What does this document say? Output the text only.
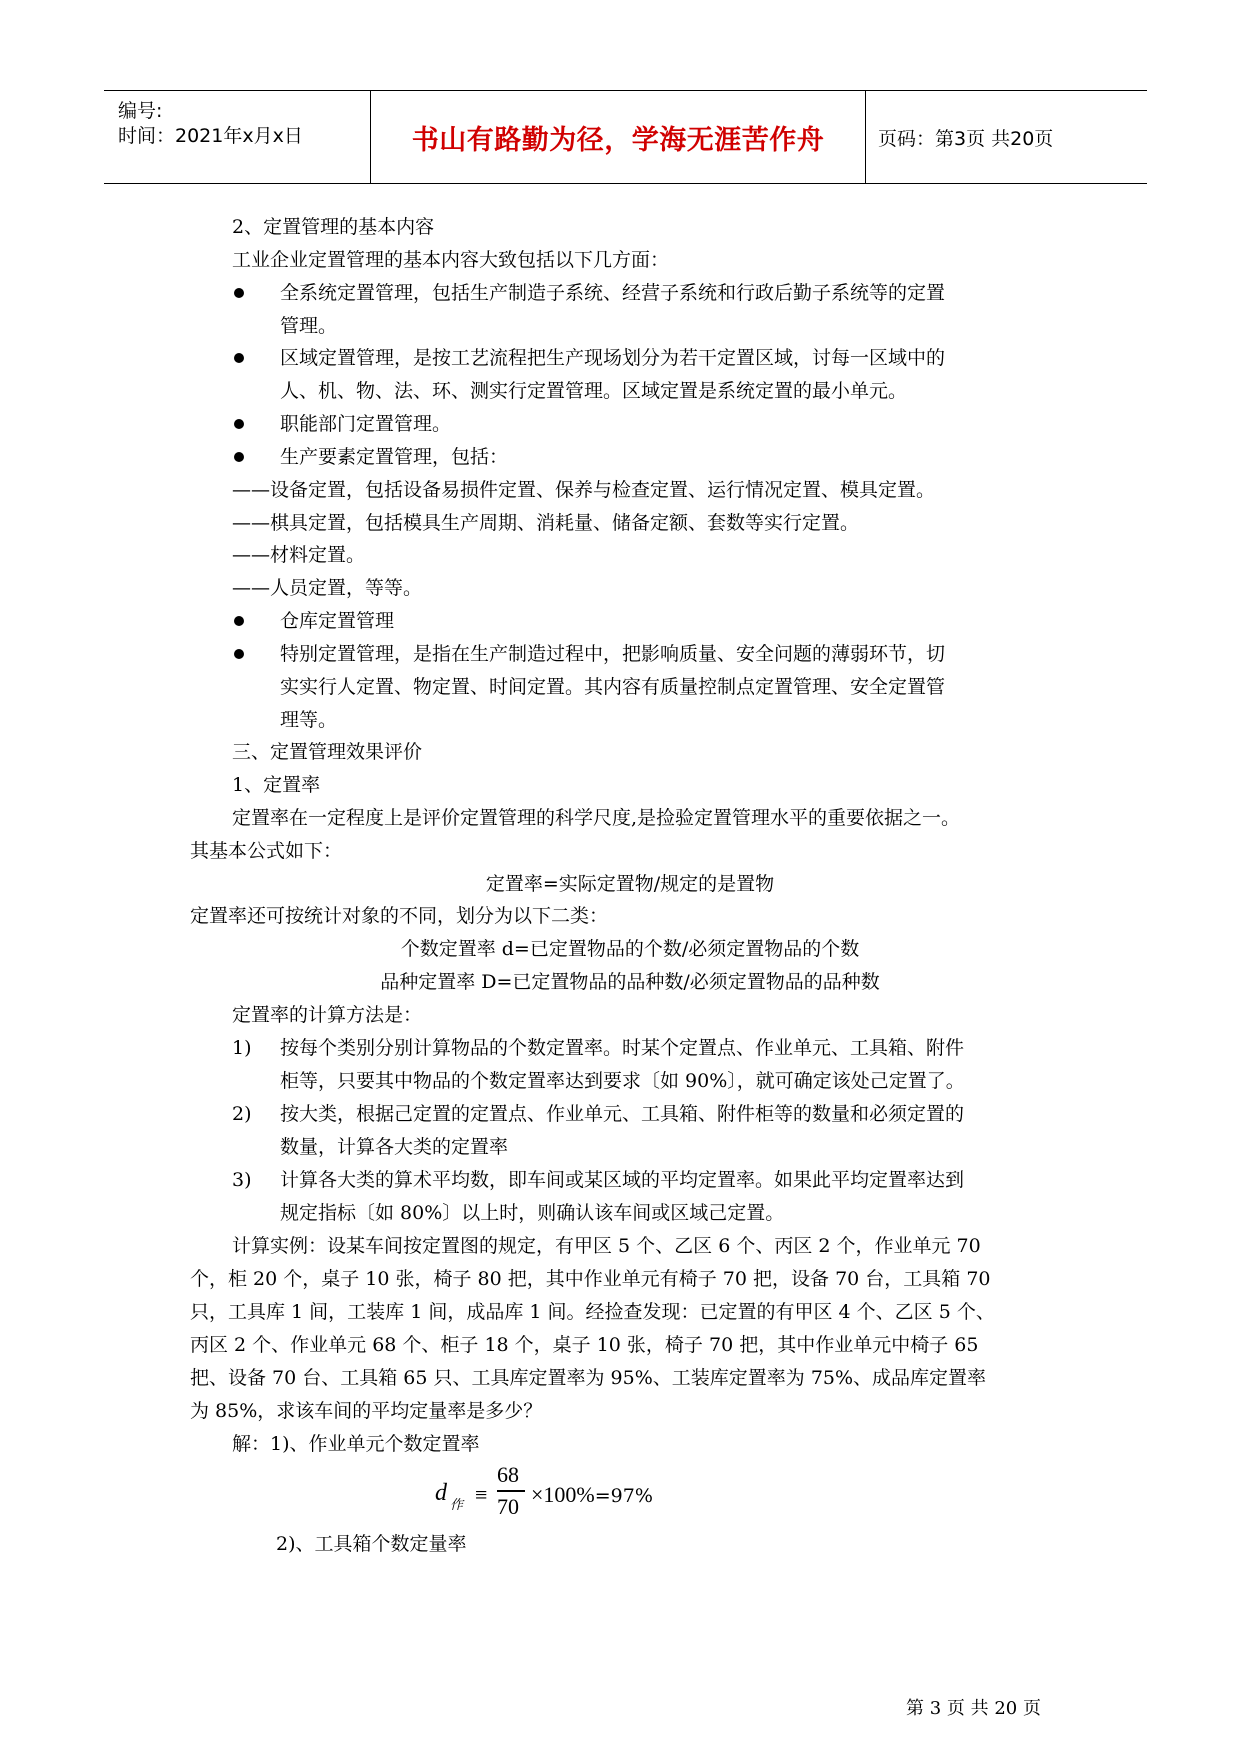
编号:
时间：2021年x月x日	书山有路勤为径，学海无涯苦作舟	页码：第3页 共20页
2、定置管理的基本内容
工业企业定置管理的基本内容大致包括以下几方面：
全系统定置管理，包括生产制造子系统、经营子系统和行政后勤子系统等的定置
管理。
区域定置管理，是按工艺流程把生产现场划分为若干定置区域，讨每一区域中的
人、机、物、法、环、测实行定置管理。区域定置是系统定置的最小单元。
职能部门定置管理。
生产要素定置管理，包括：
——设备定置，包括设备易损件定置、保养与检查定置、运行情况定置、模具定置。
——棋具定置，包括模具生产周期、消耗量、储备定额、套数等实行定置。
——材料定置。
——人员定置，等等。
仓库定置管理
特别定置管理，是指在生产制造过程中，把影响质量、安全问题的薄弱环节，切
实实行人定置、物定置、时间定置。其内容有质量控制点定置管理、安全定置管
理等。
三、定置管理效果评价
1、定置率
定置率在一定程度上是评价定置管理的科学尺度,是捡验定置管理水平的重要依据之一。
其基本公式如下：
定置率=实际定置物/规定的是置物
定置率还可按统计对象的不同，划分为以下二类：
个数定置率 d=已定置物品的个数/必须定置物品的个数
品种定置率 D=已定置物品的品种数/必须定置物品的品种数
定置率的计算方法是：
1) 按每个类别分别计算物品的个数定置率。时某个定置点、作业单元、工具箱、附件
柜等，只要其中物品的个数定置率达到要求〔如 90%〕，就可确定该处己定置了。
2) 按大类，根据己定置的定置点、作业单元、工具箱、附件柜等的数量和必须定置的
数量，计算各大类的定置率
3) 计算各大类的算术平均数，即车间或某区域的平均定置率。如果此平均定置率达到
规定指标〔如 80%〕以上时，则确认该车间或区域己定置。
计算实例：设某车间按定置图的规定，有甲区 5 个、乙区 6 个、丙区 2 个，作业单元 70
个，柜 20 个，桌子 10 张，椅子 80 把，其中作业单元有椅子 70 把，设备 70 台，工具箱 70
只，工具库 1 间，工装库 1 间，成品库 1 间。经捡查发现：已定置的有甲区 4 个、乙区 5 个、
丙区 2 个、作业单元 68 个、柜子 18 个，桌子 10 张，椅子 70 把，其中作业单元中椅子 65
把、设备 70 台、工具箱 65 只、工具库定置率为 95%、工装库定置率为 75%、成品库定置率
为 85%，求该车间的平均定量率是多少？
解：1)、作业单元个数定置率
d 作 ≡
68
70 ×100%=97%
2)、工具箱个数定量率
第 3 页 共 20 页
